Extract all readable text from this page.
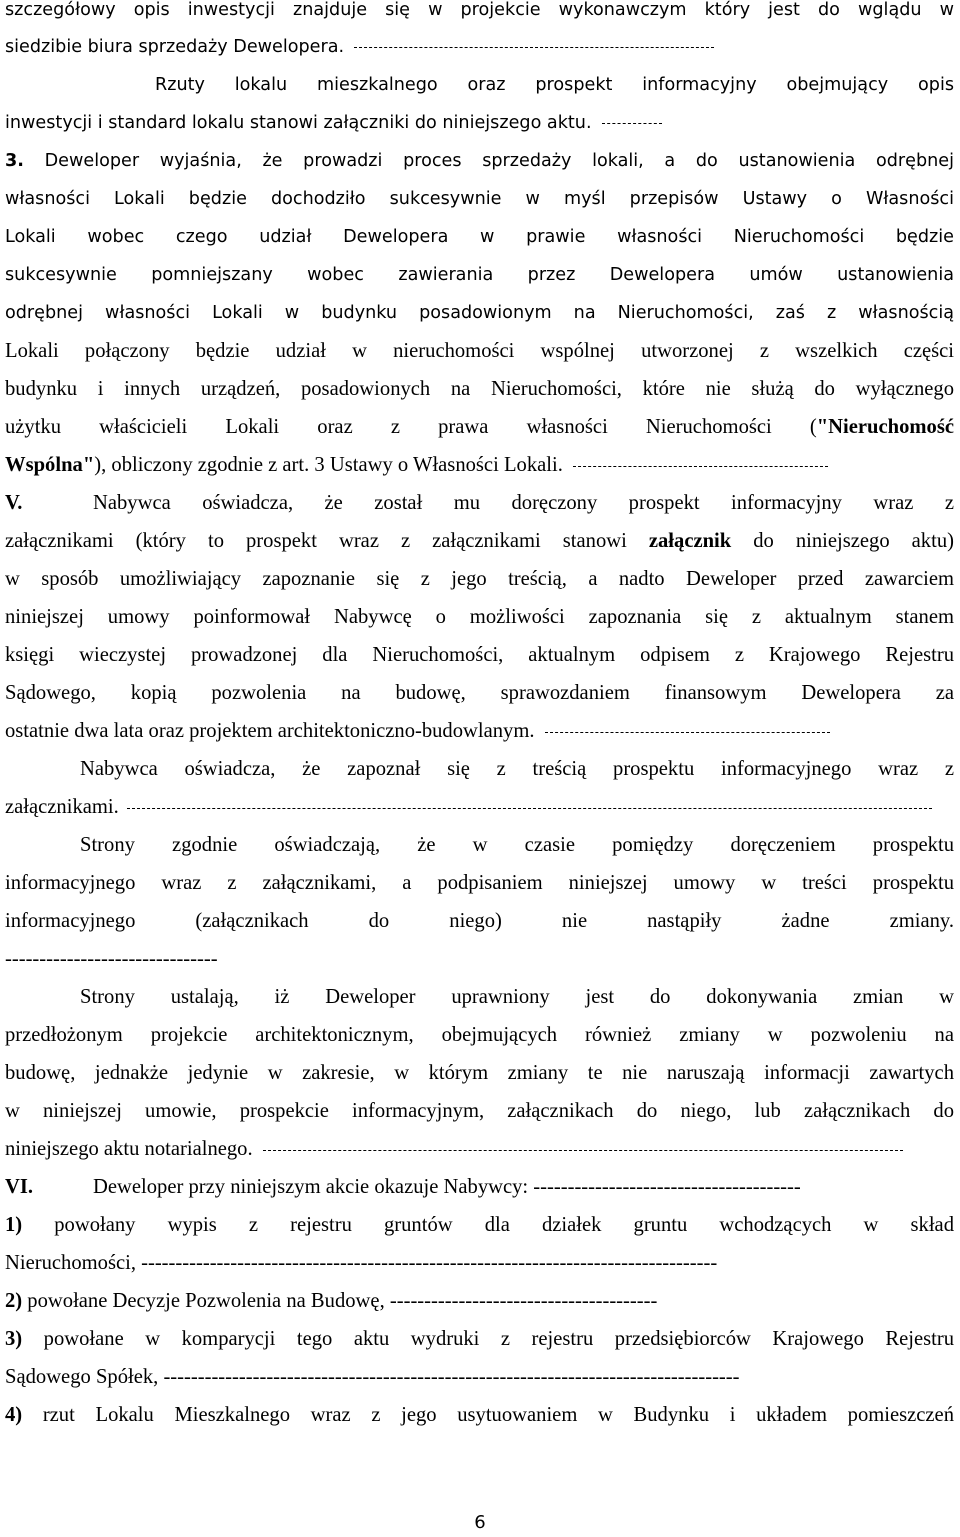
szczegółowy opis inwestycji znajduje się w projekcie wykonawczym który jest do wglądu w
siedzibie biura sprzedaży Dewelopera.
Rzuty lokalu mieszkalnego oraz prospekt informacyjny obejmujący opis
inwestycji i standard lokalu stanowi załączniki do niniejszego aktu.
3. Deweloper wyjaśnia, że prowadzi proces sprzedaży lokali, a do ustanowienia odrębnej
własności Lokali będzie dochodziło sukcesywnie w myśl przepisów Ustawy o Własności
Lokali wobec czego udział Dewelopera w prawie własności Nieruchomości będzie
sukcesywnie pomniejszany wobec zawierania przez Dewelopera umów ustanowienia
odrębnej własności Lokali w budynku posadowionym na Nieruchomości, zaś z własnością
Lokali połączony będzie udział w nieruchomości wspólnej utworzonej z wszelkich części
budynku i innych urządzeń, posadowionych na Nieruchomości, które nie służą do wyłącznego
użytku właścicieli Lokali oraz z prawa własności Nieruchomości ("Nieruchomość
Wspólna"), obliczony zgodnie z art. 3 Ustawy o Własności Lokali.
V.	Nabywca oświadcza, że został mu doręczony prospekt informacyjny wraz z
załącznikami (który to prospekt wraz z załącznikami stanowi załącznik do niniejszego aktu)
w sposób umożliwiający zapoznanie się z jego treścią, a nadto Deweloper przed zawarciem
niniejszej umowy poinformował Nabywcę o możliwości zapoznania się z aktualnym stanem
księgi wieczystej prowadzonej dla Nieruchomości, aktualnym odpisem z Krajowego Rejestru
Sądowego, kopią pozwolenia na budowę, sprawozdaniem finansowym Dewelopera za
ostatnie dwa lata oraz projektem architektoniczno-budowlanym.
Nabywca oświadcza, że zapoznał się z treścią prospektu informacyjnego wraz z
załącznikami.
Strony zgodnie oświadczają, że w czasie pomiędzy doręczeniem prospektu
informacyjnego wraz z załącznikami, a podpisaniem niniejszej umowy w treści prospektu
informacyjnego (załącznikach do niego) nie nastąpiły żadne zmiany.
-------------------------------
Strony ustalają, iż Deweloper uprawniony jest do dokonywania zmian w
przedłożonym projekcie architektonicznym, obejmujących również zmiany w pozwoleniu na
budowę, jednakże jedynie w zakresie, w którym zmiany te nie naruszają informacji zawartych
w niniejszej umowie, prospekcie informacyjnym, załącznikach do niego, lub załącznikach do
niniejszego aktu notarialnego.
VI.	Deweloper przy niniejszym akcie okazuje Nabywcy: ---------------------------------------
1) powołany wypis z rejestru gruntów dla działek gruntu wchodzących w skład
Nieruchomości, ------------------------------------------------------------------------------------
2) powołane Decyzje Pozwolenia na Budowę, ---------------------------------------
3) powołane w komparycji tego aktu wydruki z rejestru przedsiębiorców Krajowego Rejestru
Sądowego Spółek, ------------------------------------------------------------------------------------
4) rzut Lokalu Mieszkalnego wraz z jego usytuowaniem w Budynku i układem pomieszczeń
6
